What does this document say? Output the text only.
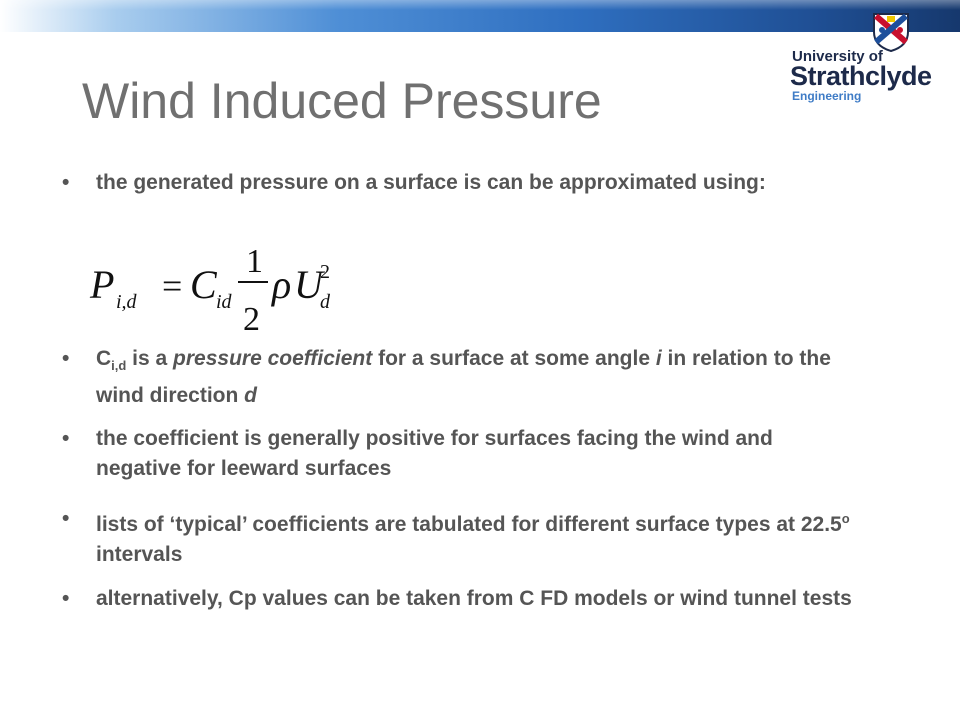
University of
Strathclyde
Engineering
Wind Induced Pressure
•	the generated pressure on a surface is can be approximated using:
P i,d = C id
1
2
ρ U
d
2
•	$C_{i,d}$ is a pressure coefficient for a surface at some angle i in relation to the wind direction d
•	the coefficient is generally positive for surfaces facing the wind and negative for leeward surfaces
•	lists of ‘typical’ coefficients are tabulated for different surface types at 22.5$^o$ intervals
•	alternatively, Cp values can be taken from C FD models or wind tunnel tests
